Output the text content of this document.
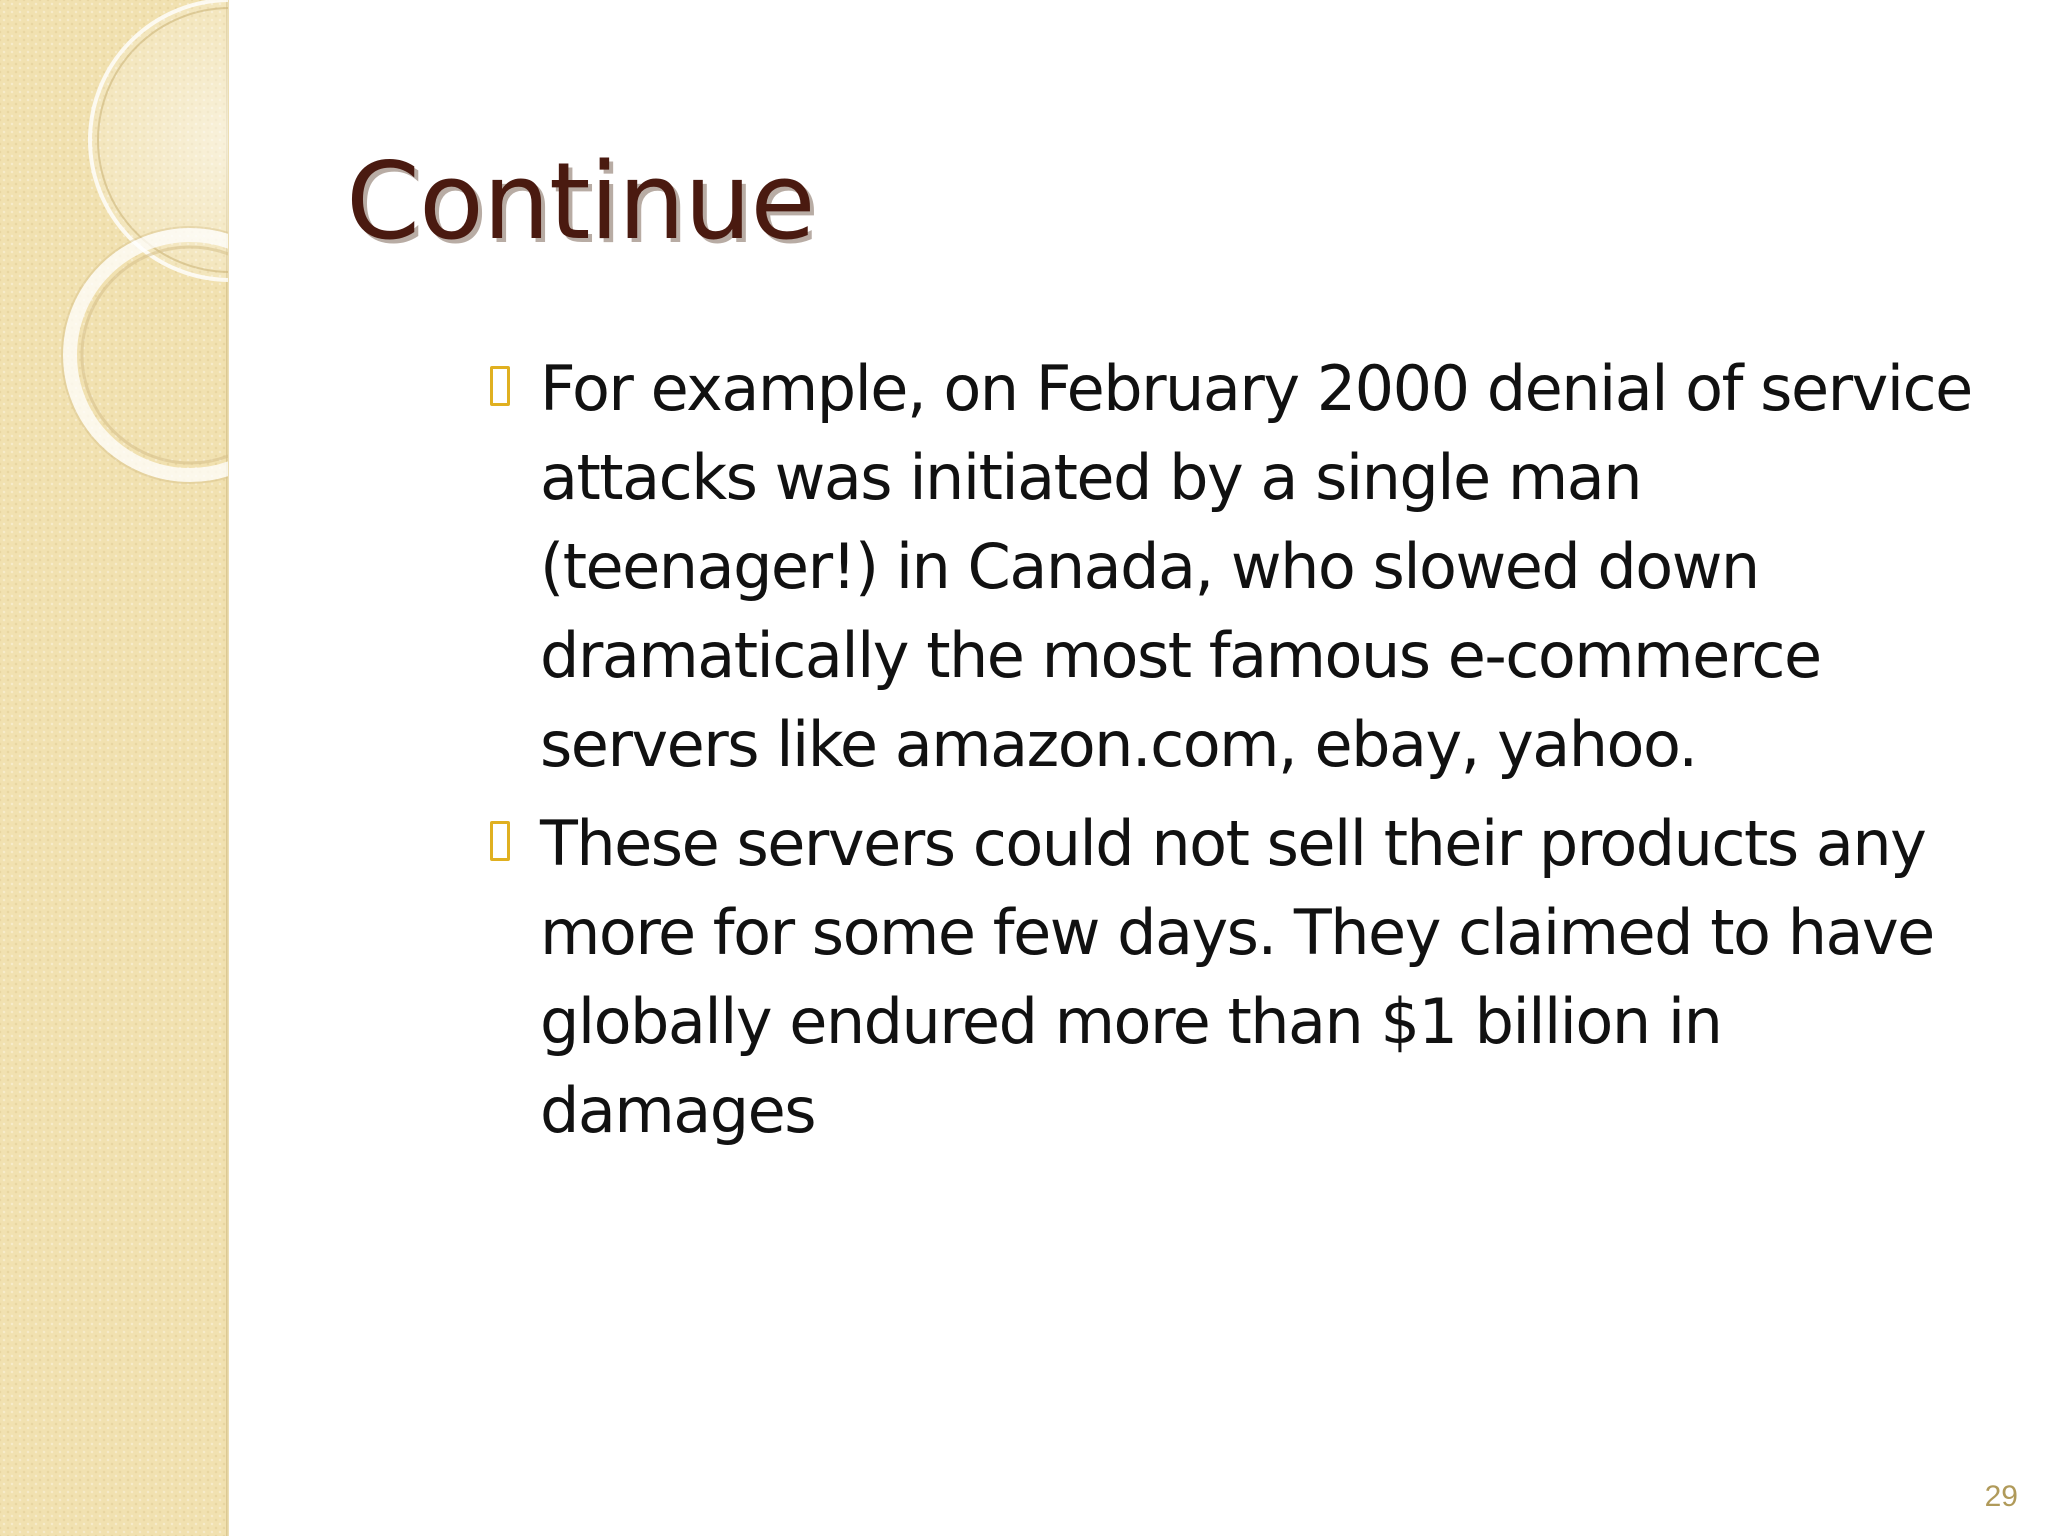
Continue
For example, on February 2000 denial of service attacks was initiated by a single man (teenager!) in Canada, who slowed down dramatically the most famous e-commerce servers like amazon.com, ebay, yahoo.
These servers could not sell their products any more for some few days. They claimed to have globally endured more than $1 billion in damages
29
